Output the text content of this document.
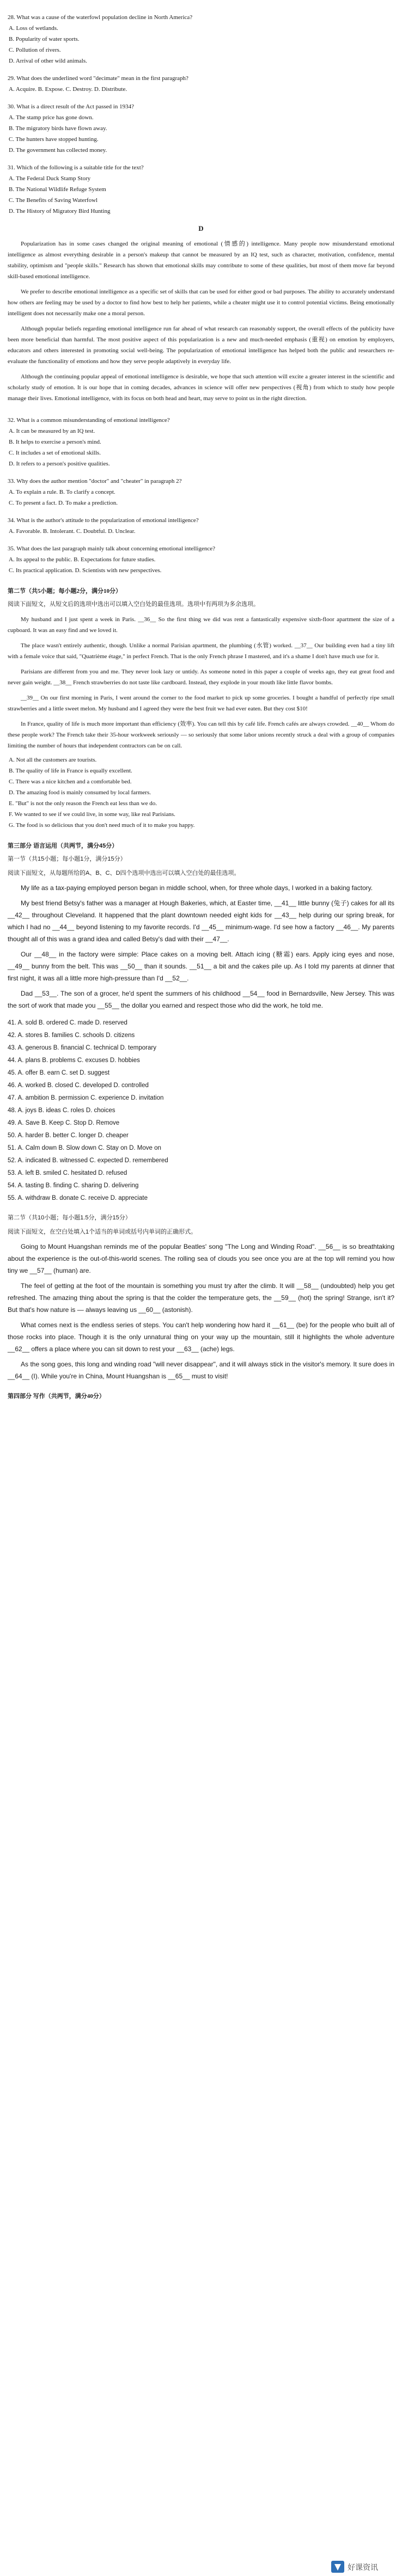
28. What was a cause of the waterfowl population decline in North America?

A. Loss of wetlands.

B. Popularity of water sports.

C. Pollution of rivers.

D. Arrival of other wild animals.

29. What does the underlined word "decimate" mean in the first paragraph?

A. Acquire. B. Expose. C. Destroy. D. Distribute.

30. What is a direct result of the Act passed in 1934?

A. The stamp price has gone down.

B. The migratory birds have flown away.

C. The hunters have stopped hunting.

D. The government has collected money.

31. Which of the following is a suitable title for the text?

A. The Federal Duck Stamp Story

B. The National Wildlife Refuge System

C. The Benefits of Saving Waterfowl

D. The History of Migratory Bird Hunting

D

Popularization has in some cases changed the original meaning of emotional (情感的) intelligence. Many people now misunderstand emotional intelligence as almost everything desirable in a person's makeup that cannot be measured by an IQ test, such as character, motivation, confidence, mental stability, optimism and "people skills." Research has shown that emotional skills may contribute to some of these qualities, but most of them move far beyond skill-based emotional intelligence.

We prefer to describe emotional intelligence as a specific set of skills that can be used for either good or bad purposes. The ability to accurately understand how others are feeling may be used by a doctor to find how best to help her patients, while a cheater might use it to control potential victims. Being emotionally intelligent does not necessarily make one a moral person.

Although popular beliefs regarding emotional intelligence run far ahead of what research can reasonably support, the overall effects of the publicity have been more beneficial than harmful. The most positive aspect of this popularization is a new and much-needed emphasis (重视) on emotion by employers, educators and others interested in promoting social well-being. The popularization of emotional intelligence has helped both the public and researchers re-evaluate the functionality of emotions and how they serve people adaptively in everyday life.

Although the continuing popular appeal of emotional intelligence is desirable, we hope that such attention will excite a greater interest in the scientific and scholarly study of emotion. It is our hope that in coming decades, advances in science will offer new perspectives (视角) from which to study how people manage their lives. Emotional intelligence, with its focus on both head and heart, may serve to point us in the right direction.

32. What is a common misunderstanding of emotional intelligence?

A. It can be measured by an IQ test.

B. It helps to exercise a person's mind.

C. It includes a set of emotional skills.

D. It refers to a person's positive qualities.

33. Why does the author mention "doctor" and "cheater" in paragraph 2?

A. To explain a rule. B. To clarify a concept.

C. To present a fact. D. To make a prediction.

34. What is the author's attitude to the popularization of emotional intelligence?

A. Favorable. B. Intolerant. C. Doubtful. D. Unclear.

35. What does the last paragraph mainly talk about concerning emotional intelligence?

A. Its appeal to the public. B. Expectations for future studies.

C. Its practical application. D. Scientists with new perspectives.

第二节（共5小题；每小题2分，满分10分）
阅读下面短文，从短文后的选项中选出可以填入空白处的最佳选项。选项中有两项为多余选项。

My husband and I just spent a week in Paris. __36__ So the first thing we did was rent a fantastically expensive sixth-floor apartment the size of a cupboard. It was an easy find and we loved it.

The place wasn't entirely authentic, though. Unlike a normal Parisian apartment, the plumbing (水管) worked. __37__ Our building even had a tiny lift with a female voice that said, "Quatrième étage," in perfect French. That is the only French phrase I mastered, and it's a shame I don't have much use for it.

Parisians are different from you and me. They never look lazy or untidy. As someone noted in this paper a couple of weeks ago, they eat great food and never gain weight. __38__ French strawberries do not taste like cardboard. Instead, they explode in your mouth like little flavor bombs.

__39__ On our first morning in Paris, I went around the corner to the food market to pick up some groceries. I bought a handful of perfectly ripe small strawberries and a little sweet melon. My husband and I agreed they were the best fruit we had ever eaten. But they cost $10!

In France, quality of life is much more important than efficiency (效率). You can tell this by café life. French cafés are always crowded. __40__ Whom do these people work? The French take their 35-hour workweek seriously — so seriously that some labor unions recently struck a deal with a group of companies limiting the number of hours that independent contractors can be on call.

A. Not all the customers are tourists.

B. The quality of life in France is equally excellent.

C. There was a nice kitchen and a comfortable bed.

D. The amazing food is mainly consumed by local farmers.

E. "But" is not the only reason the French eat less than we do.

F. We wanted to see if we could live, in some way, like real Parisians.

G. The food is so delicious that you don't need much of it to make you happy.

第三部分 语言运用（共两节，满分45分）
第一节（共15小题；每小题1分，满分15分）
阅读下面短文，从每题所给的A、B、C、D四个选项中选出可以填入空白处的最佳选项。

My life as a tax-paying employed person began in middle school, when, for three whole days, I worked in a baking factory.

My best friend Betsy's father was a manager at Hough Bakeries, which, at Easter time, __41__ little bunny (兔子) cakes for all its __42__ throughout Cleveland. It happened that the plant downtown needed eight kids for __43__ help during our spring break, for which I had no __44__ beyond listening to my favorite records. I'd __45__ minimum-wage. I'd see how a factory __46__. My parents thought all of this was a grand idea and called Betsy's dad with their __47__.

Our __48__ in the factory were simple: Place cakes on a moving belt. Attach icing (糖霜) ears. Apply icing eyes and nose, __49__ bunny from the belt. This was __50__ than it sounds. __51__ a bit and the cakes pile up. As I told my parents at dinner that first night, it was all a little more high-pressure than I'd __52__.

Dad __53__. The son of a grocer, he'd spent the summers of his childhood __54__ food in Bernardsville, New Jersey. This was the sort of work that made you __55__ the dollar you earned and respect those who did the work, he told me.

41. A. sold B. ordered C. made D. reserved

42. A. stores B. families C. schools D. citizens

43. A. generous B. financial C. technical D. temporary

44. A. plans B. problems C. excuses D. hobbies

45. A. offer B. earn C. set D. suggest

46. A. worked B. closed C. developed D. controlled

47. A. ambition B. permission C. experience D. invitation

48. A. joys B. ideas C. roles D. choices

49. A. Save B. Keep C. Stop D. Remove

50. A. harder B. better C. longer D. cheaper

51. A. Calm down B. Slow down C. Stay on D. Move on

52. A. indicated B. witnessed C. expected D. remembered

53. A. left B. smiled C. hesitated D. refused

54. A. tasting B. finding C. sharing D. delivering

55. A. withdraw B. donate C. receive D. appreciate

第二节（共10小题；每小题1.5分，满分15分）
阅读下面短文，在空白处填入1个适当的单词或括号内单词的正确形式。

Going to Mount Huangshan reminds me of the popular Beatles' song "The Long and Winding Road". __56__ is so breathtaking about the experience is the out-of-this-world scenes. The rolling sea of clouds you see once you are at the top will remind you how tiny we __57__ (human) are.

The feel of getting at the foot of the mountain is something you must try after the climb. It will __58__ (undoubted) help you get refreshed. The amazing thing about the spring is that the colder the temperature gets, the __59__ (hot) the spring! Strange, isn't it? But that's how nature is — always leaving us __60__ (astonish).

What comes next is the endless series of steps. You can't help wondering how hard it __61__ (be) for the people who built all of those rocks into place. Though it is the only unnatural thing on your way up the mountain, still it highlights the whole adventure __62__ offers a place where you can sit down to rest your __63__ (ache) legs.

As the song goes, this long and winding road "will never disappear", and it will always stick in the visitor's memory. It sure does in __64__ (I). While you're in China, Mount Huangshan is __65__ must to visit!

第四部分 写作（共两节，满分40分）
好课资讯
